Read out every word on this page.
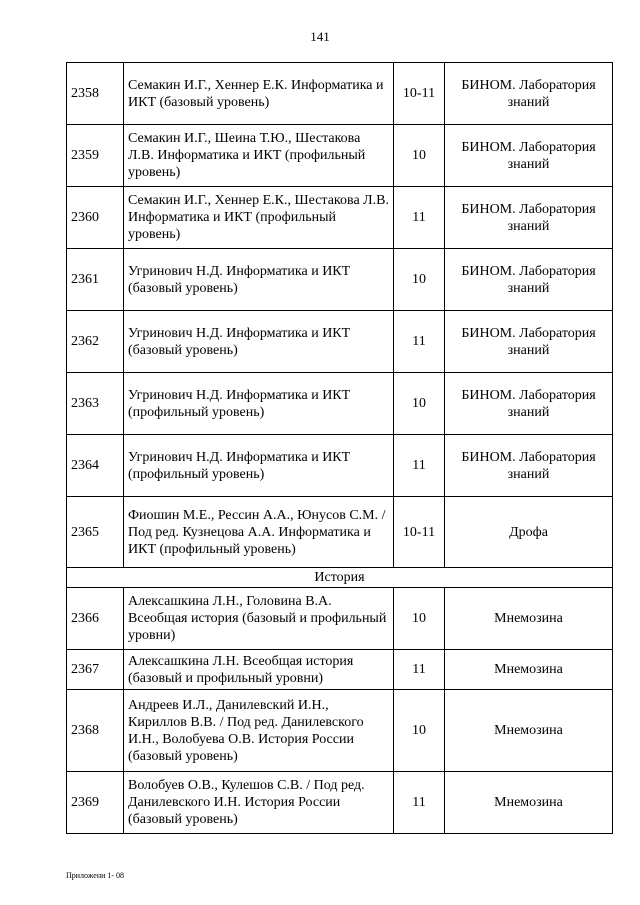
141
2358	Семакин И.Г., Хеннер Е.К. Информатика и ИКТ (базовый уровень)	10-11	БИНОМ. Лаборатория знаний
2359	Семакин И.Г., Шеина Т.Ю., Шестакова Л.В. Информатика и ИКТ (профильный уровень)	10	БИНОМ. Лаборатория знаний
2360	Семакин И.Г., Хеннер Е.К., Шестакова Л.В. Информатика и ИКТ (профильный уровень)	11	БИНОМ. Лаборатория знаний
2361	Угринович Н.Д. Информатика и ИКТ (базовый уровень)	10	БИНОМ. Лаборатория знаний
2362	Угринович Н.Д. Информатика и ИКТ (базовый уровень)	11	БИНОМ. Лаборатория знаний
2363	Угринович Н.Д. Информатика и ИКТ (профильный уровень)	10	БИНОМ. Лаборатория знаний
2364	Угринович Н.Д. Информатика и ИКТ (профильный уровень)	11	БИНОМ. Лаборатория знаний
2365	Фиошин М.Е., Рессин А.А., Юнусов С.М. / Под ред. Кузнецова А.А. Информатика и ИКТ (профильный уровень)	10-11	Дрофа
История			
2366	Алексашкина Л.Н., Головина В.А. Всеобщая история (базовый и профильный уровни)	10	Мнемозина
2367	Алексашкина Л.Н. Всеобщая история (базовый и профильный уровни)	11	Мнемозина
2368	Андреев И.Л., Данилевский И.Н., Кириллов В.В. / Под ред. Данилевского И.Н., Волобуева О.В. История России (базовый уровень)	10	Мнемозина
2369	Волобуев О.В., Кулешов С.В. / Под ред. Данилевского И.Н. История России (базовый уровень)	11	Мнемозина
Приложени 1- 08
